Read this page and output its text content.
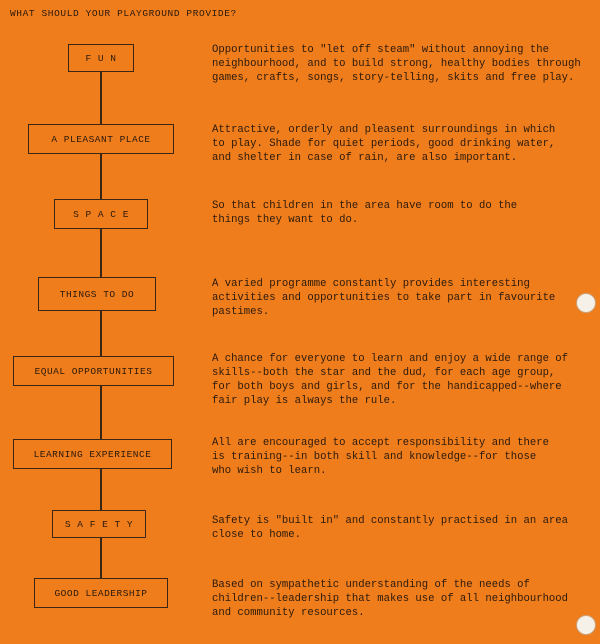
WHAT SHOULD YOUR PLAYGROUND PROVIDE?
F U N
Opportunities to "let off steam" without annoying the
neighbourhood, and to build strong, healthy bodies through
games, crafts, songs, story-telling, skits and free play.
A PLEASANT PLACE
Attractive, orderly and pleasent surroundings in which
to play. Shade for quiet periods, good drinking water,
and shelter in case of rain, are also important.
S P A C E
So that children in the area have room to do the
things they want to do.
THINGS TO DO
A varied programme constantly provides interesting
activities and opportunities to take part in favourite
pastimes.
EQUAL OPPORTUNITIES
A chance for everyone to learn and enjoy a wide range of
skills--both the star and the dud, for each age group,
for both boys and girls, and for the handicapped--where
fair play is always the rule.
LEARNING EXPERIENCE
All are encouraged to accept responsibility and there
is training--in both skill and knowledge--for those
who wish to learn.
S A F E T Y	Safety is "built in" and constantly practised in an area
close to home.
GOOD LEADERSHIP
Based on sympathetic understanding of the needs of
children--leadership that makes use of all neighbourhood
and community resources.
